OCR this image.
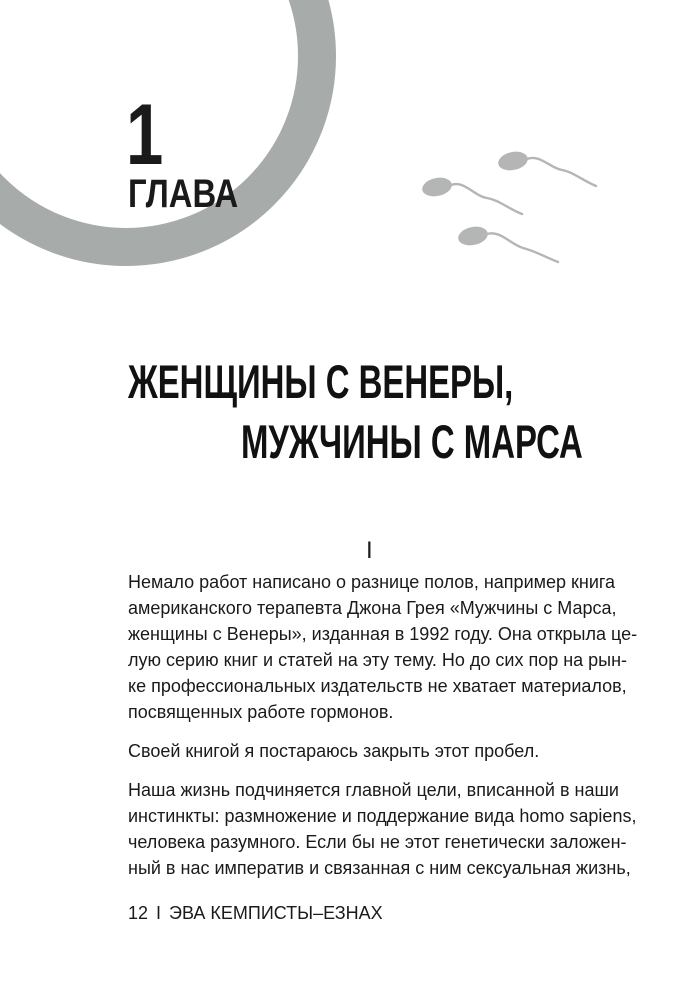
1
ГЛАВА
ЖЕНЩИНЫ С ВЕНЕРЫ,
МУЖЧИНЫ С МАРСА
I

Немало работ написано о разнице полов, например книга
американского терапевта Джона Грея «Мужчины с Марса,
женщины с Венеры», изданная в 1992 году. Она открыла це-
лую серию книг и статей на эту тему. Но до сих пор на рын-
ке профессиональных издательств не хватает материалов,
посвященных работе гормонов.

Своей книгой я постараюсь закрыть этот пробел.

Наша жизнь подчиняется главной цели, вписанной в наши
инстинкты: размножение и поддержание вида homo sapiens,
человека разумного. Если бы не этот генетически заложен-
ный в нас императив и связанная с ним сексуальная жизнь,

12 I ЭВА КЕМПИСТЫ–ЕЗНАХ
